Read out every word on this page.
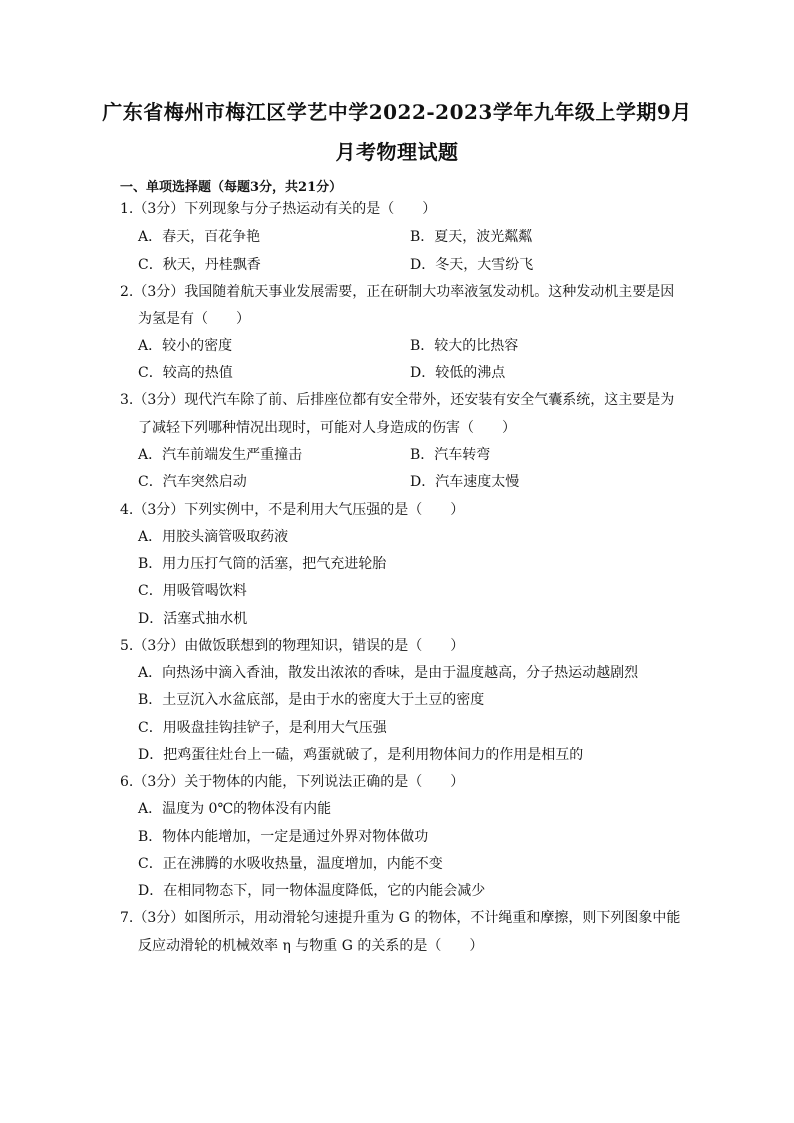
广东省梅州市梅江区学艺中学2022-2023学年九年级上学期9月
月考物理试题
一、单项选择题（每题3分，共21分）
1.（3分）下列现象与分子热运动有关的是（　　）
A．春天，百花争艳	B．夏天，波光粼粼
C．秋天，丹桂飘香	D．冬天，大雪纷飞
2.（3分）我国随着航天事业发展需要，正在研制大功率液氢发动机。这种发动机主要是因
为氢是有（　　）
A．较小的密度	B．较大的比热容
C．较高的热值	D．较低的沸点
3.（3分）现代汽车除了前、后排座位都有安全带外，还安装有安全气囊系统，这主要是为
了减轻下列哪种情况出现时，可能对人身造成的伤害（　　）
A．汽车前端发生严重撞击	B．汽车转弯
C．汽车突然启动	D．汽车速度太慢
4.（3分）下列实例中，不是利用大气压强的是（　　）
A．用胶头滴管吸取药液
B．用力压打气筒的活塞，把气充进轮胎
C．用吸管喝饮料
D．活塞式抽水机
5.（3分）由做饭联想到的物理知识，错误的是（　　）
A．向热汤中滴入香油，散发出浓浓的香味，是由于温度越高，分子热运动越剧烈
B．土豆沉入水盆底部，是由于水的密度大于土豆的密度
C．用吸盘挂钩挂铲子，是利用大气压强
D．把鸡蛋往灶台上一磕，鸡蛋就破了，是利用物体间力的作用是相互的
6.（3分）关于物体的内能，下列说法正确的是（　　）
A．温度为 0℃的物体没有内能
B．物体内能增加，一定是通过外界对物体做功
C．正在沸腾的水吸收热量，温度增加，内能不变
D．在相同物态下，同一物体温度降低，它的内能会减少
7.（3分）如图所示，用动滑轮匀速提升重为 G 的物体，不计绳重和摩擦，则下列图象中能
反应动滑轮的机械效率 η 与物重 G 的关系的是（　　）
